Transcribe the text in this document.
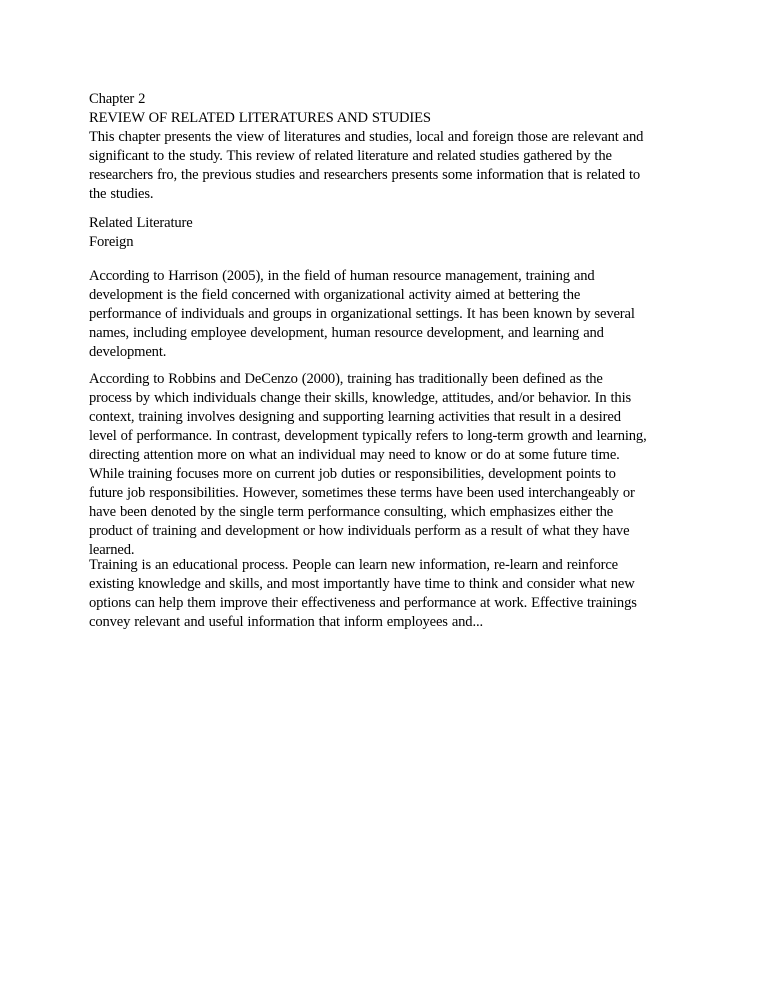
Chapter 2
REVIEW OF RELATED LITERATURES AND STUDIES
This chapter presents the view of literatures and studies, local and foreign those are relevant and
significant to the study. This review of related literature and related studies gathered by the
researchers fro, the previous studies and researchers presents some information that is related to
the studies.
Related Literature
Foreign
According to Harrison (2005), in the field of human resource management, training and
development is the field concerned with organizational activity aimed at bettering the
performance of individuals and groups in organizational settings. It has been known by several
names, including employee development, human resource development, and learning and
development.
According to Robbins and DeCenzo (2000), training has traditionally been defined as the
process by which individuals change their skills, knowledge, attitudes, and/or behavior. In this
context, training involves designing and supporting learning activities that result in a desired
level of performance. In contrast, development typically refers to long-term growth and learning,
directing attention more on what an individual may need to know or do at some future time.
While training focuses more on current job duties or responsibilities, development points to
future job responsibilities. However, sometimes these terms have been used interchangeably or
have been denoted by the single term performance consulting, which emphasizes either the
product of training and development or how individuals perform as a result of what they have
learned.
Training is an educational process. People can learn new information, re-learn and reinforce
existing knowledge and skills, and most importantly have time to think and consider what new
options can help them improve their effectiveness and performance at work. Effective trainings
convey relevant and useful information that inform employees and...
